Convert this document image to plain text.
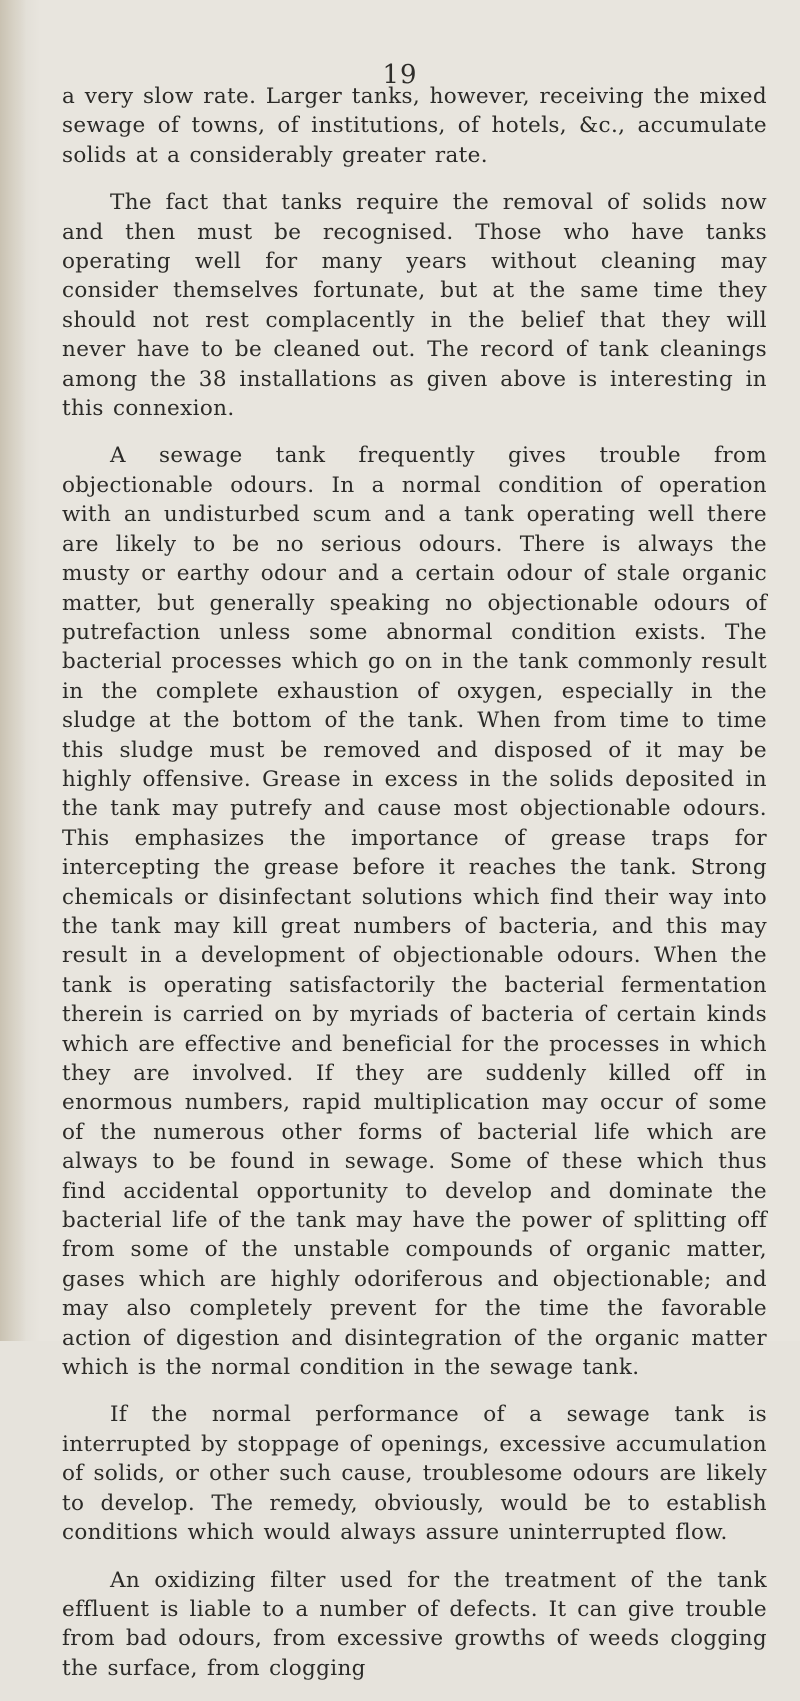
19

a very slow rate. Larger tanks, however, receiving the mixed sewage of towns, of institutions, of hotels, &c., accumulate solids at a considerably greater rate.

The fact that tanks require the removal of solids now and then must be recognised. Those who have tanks operating well for many years without cleaning may consider themselves fortunate, but at the same time they should not rest complacently in the belief that they will never have to be cleaned out. The record of tank cleanings among the 38 installations as given above is interesting in this connexion.

A sewage tank frequently gives trouble from objectionable odours. In a normal condition of operation with an undisturbed scum and a tank operating well there are likely to be no serious odours. There is always the musty or earthy odour and a certain odour of stale organic matter, but generally speaking no objectionable odours of putrefaction unless some abnormal condition exists. The bacterial processes which go on in the tank commonly result in the complete exhaustion of oxygen, especially in the sludge at the bottom of the tank. When from time to time this sludge must be removed and disposed of it may be highly offensive. Grease in excess in the solids deposited in the tank may putrefy and cause most objectionable odours. This emphasizes the importance of grease traps for intercepting the grease before it reaches the tank. Strong chemicals or disinfectant solutions which find their way into the tank may kill great numbers of bacteria, and this may result in a development of objectionable odours. When the tank is operating satisfactorily the bacterial fermentation therein is carried on by myriads of bacteria of certain kinds which are effective and beneficial for the processes in which they are involved. If they are suddenly killed off in enormous numbers, rapid multiplication may occur of some of the numerous other forms of bacterial life which are always to be found in sewage. Some of these which thus find accidental opportunity to develop and dominate the bacterial life of the tank may have the power of splitting off from some of the unstable compounds of organic matter, gases which are highly odoriferous and objectionable; and may also completely prevent for the time the favorable action of digestion and disintegration of the organic matter which is the normal condition in the sewage tank.

If the normal performance of a sewage tank is interrupted by stoppage of openings, excessive accumulation of solids, or other such cause, troublesome odours are likely to develop. The remedy, obviously, would be to establish conditions which would always assure uninterrupted flow.

An oxidizing filter used for the treatment of the tank effluent is liable to a number of defects. It can give trouble from bad odours, from excessive growths of weeds clogging the surface, from clogging
